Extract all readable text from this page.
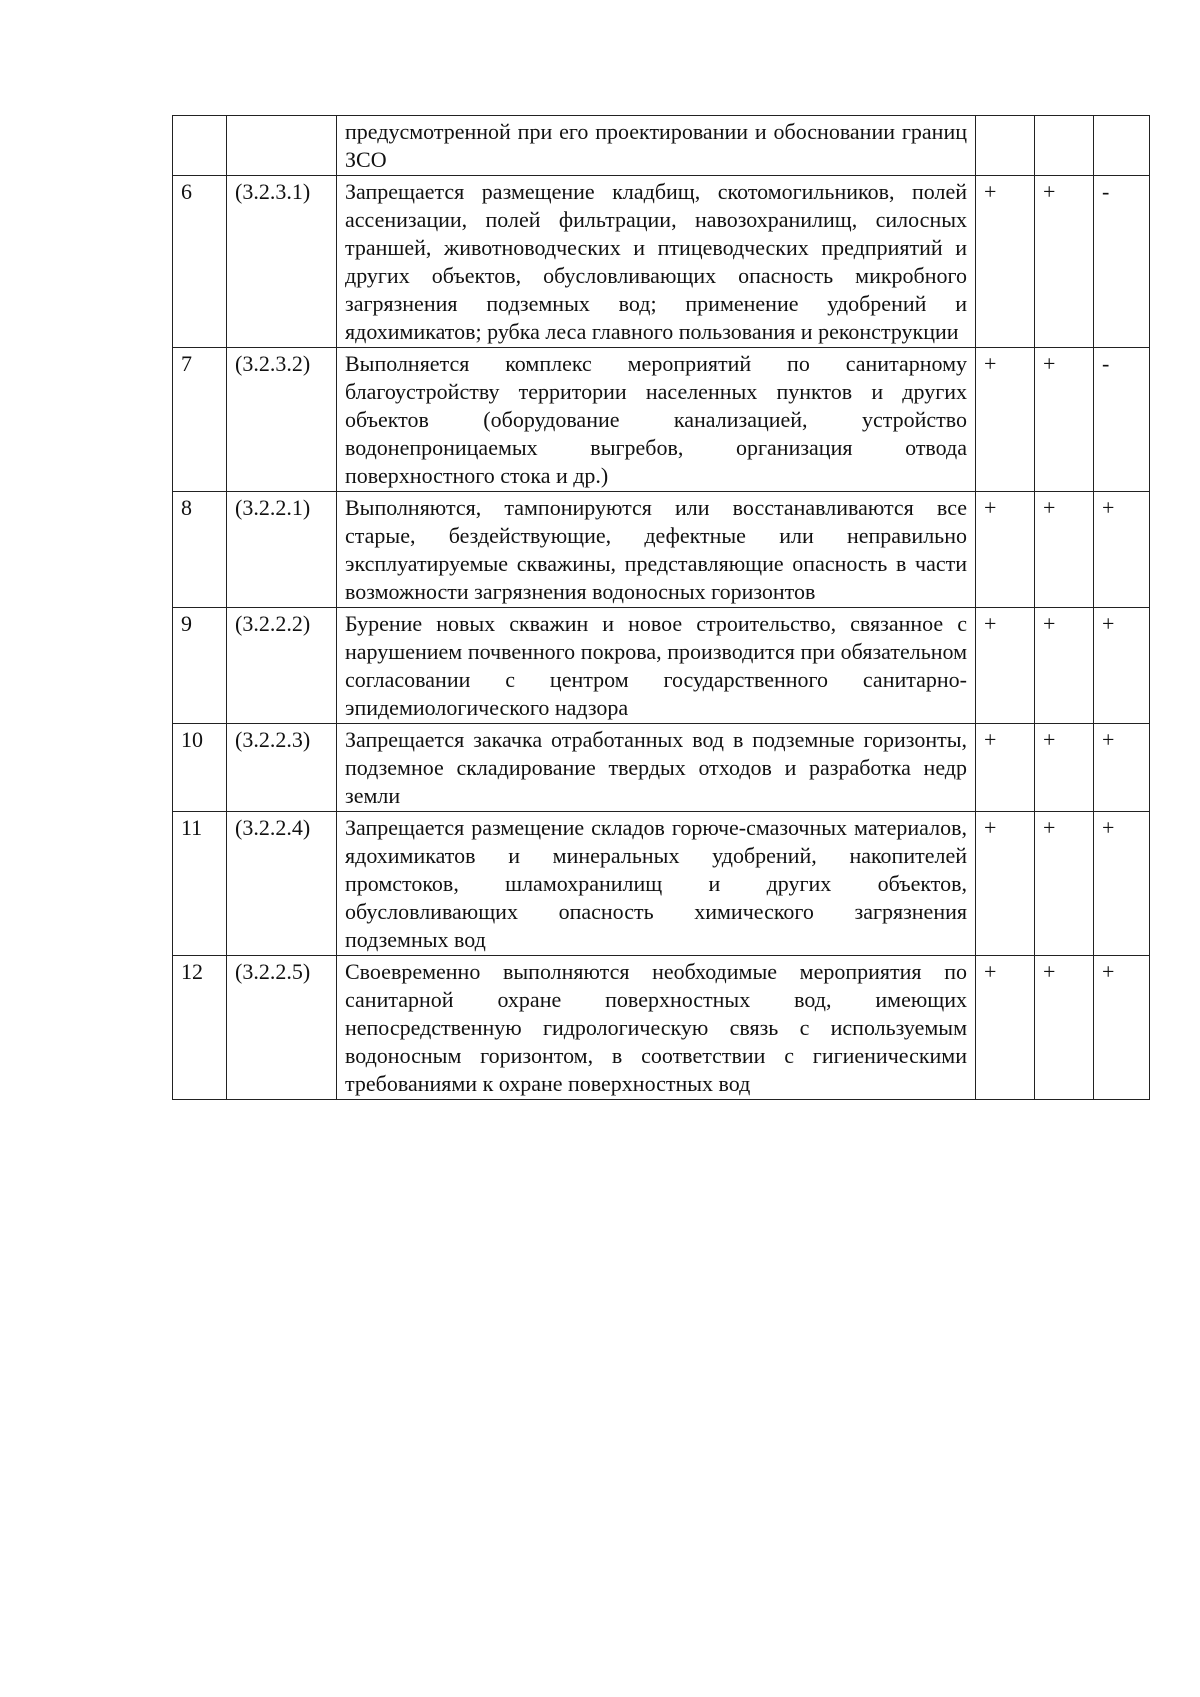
		предусмотренной при его проектировании и обосновании границ ЗСО			
6	(3.2.3.1)	Запрещается размещение кладбищ, скотомогильников, полей ассенизации, полей фильтрации, навозохранилищ, силосных траншей, животноводческих и птицеводческих предприятий и других объектов, обусловливающих опасность микробного загрязнения подземных вод; применение удобрений и ядохимикатов; рубка леса главного пользования и реконструкции	+	+	-
7	(3.2.3.2)	Выполняется комплекс мероприятий по санитарному благоустройству территории населенных пунктов и других объектов (оборудование канализацией, устройство водонепроницаемых выгребов, организация отвода поверхностного стока и др.)	+	+	-
8	(3.2.2.1)	Выполняются, тампонируются или восстанавливаются все старые, бездействующие, дефектные или неправильно эксплуатируемые скважины, представляющие опасность в части возможности загрязнения водоносных горизонтов	+	+	+
9	(3.2.2.2)	Бурение новых скважин и новое строительство, связанное с нарушением почвенного покрова, производится при обязательном согласовании с центром государственного санитарно-эпидемиологического надзора	+	+	+
10	(3.2.2.3)	Запрещается закачка отработанных вод в подземные горизонты, подземное складирование твердых отходов и разработка недр земли	+	+	+
11	(3.2.2.4)	Запрещается размещение складов горюче-смазочных материалов, ядохимикатов и минеральных удобрений, накопителей промстоков, шламохранилищ и других объектов, обусловливающих опасность химического загрязнения подземных вод	+	+	+
12	(3.2.2.5)	Своевременно выполняются необходимые мероприятия по санитарной охране поверхностных вод, имеющих непосредственную гидрологическую связь с используемым водоносным горизонтом, в соответствии с гигиеническими требованиями к охране поверхностных вод	+	+	+
